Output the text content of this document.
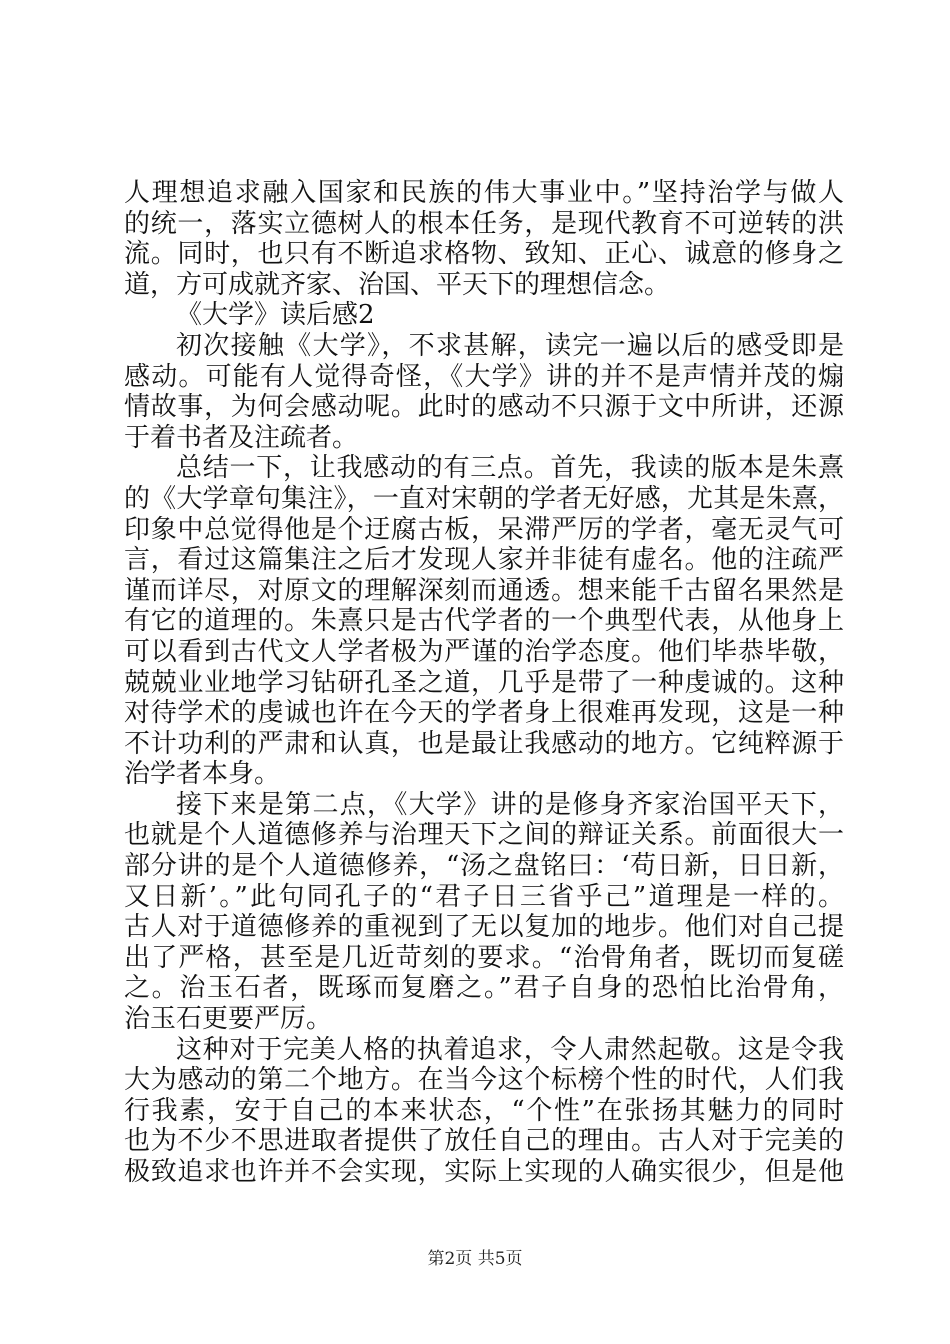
人理想追求融入国家和民族的伟大事业中。”坚持治学与做人
的统一，落实立德树人的根本任务，是现代教育不可逆转的洪
流。同时，也只有不断追求格物、致知、正心、诚意的修身之
道，方可成就齐家、治国、平天下的理想信念。
《大学》读后感2
初次接触《大学》，不求甚解，读完一遍以后的感受即是
感动。可能有人觉得奇怪，《大学》讲的并不是声情并茂的煽
情故事，为何会感动呢。此时的感动不只源于文中所讲，还源
于着书者及注疏者。
总结一下，让我感动的有三点。首先，我读的版本是朱熹
的《大学章句集注》，一直对宋朝的学者无好感，尤其是朱熹，
印象中总觉得他是个迂腐古板，呆滞严厉的学者，毫无灵气可
言，看过这篇集注之后才发现人家并非徒有虚名。他的注疏严
谨而详尽，对原文的理解深刻而通透。想来能千古留名果然是
有它的道理的。朱熹只是古代学者的一个典型代表，从他身上
可以看到古代文人学者极为严谨的治学态度。他们毕恭毕敬，
兢兢业业地学习钻研孔圣之道，几乎是带了一种虔诚的。这种
对待学术的虔诚也许在今天的学者身上很难再发现，这是一种
不计功利的严肃和认真，也是最让我感动的地方。它纯粹源于
治学者本身。
接下来是第二点，《大学》讲的是修身齐家治国平天下，
也就是个人道德修养与治理天下之间的辩证关系。前面很大一
部分讲的是个人道德修养，“汤之盘铭曰：‘苟日新，日日新，
又日新’。”此句同孔子的“君子日三省乎己”道理是一样的。
古人对于道德修养的重视到了无以复加的地步。他们对自己提
出了严格，甚至是几近苛刻的要求。“治骨角者，既切而复磋
之。治玉石者，既琢而复磨之。”君子自身的恐怕比治骨角，
治玉石更要严厉。
这种对于完美人格的执着追求，令人肃然起敬。这是令我
大为感动的第二个地方。在当今这个标榜个性的时代，人们我
行我素，安于自己的本来状态，“个性”在张扬其魅力的同时
也为不少不思进取者提供了放任自己的理由。古人对于完美的
极致追求也许并不会实现，实际上实现的人确实很少，但是他
第2页 共5页
